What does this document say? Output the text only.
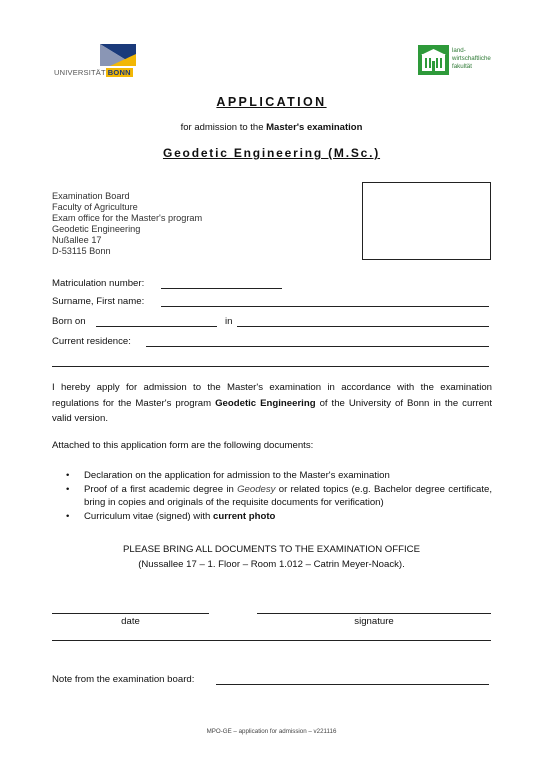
UNIVERSITÄT BONN
land-
wirtschaftliche
fakultät
APPLICATION
for admission to the Master's examination
Geodetic Engineering (M.Sc.)
Examination Board
Faculty of Agriculture
Exam office for the Master's program
Geodetic Engineering
Nußallee 17
D-53115 Bonn
Matriculation number:
Surname, First name:
Born on	in
Current residence:
I hereby apply for admission to the Master's examination in accordance with the examination regulations for the Master's program Geodetic Engineering of the University of Bonn in the current valid version.
Attached to this application form are the following documents:
• Declaration on the application for admission to the Master's examination
• Proof of a first academic degree in Geodesy or related topics (e.g. Bachelor degree certificate, bring in copies and originals of the requisite documents for verification)
• Curriculum vitae (signed) with current photo
PLEASE BRING ALL DOCUMENTS TO THE EXAMINATION OFFICE
(Nussallee 17 – 1. Floor – Room 1.012 – Catrin Meyer-Noack).
date	signature
Note from the examination board:
MPO-GE – application for admission – v221116
